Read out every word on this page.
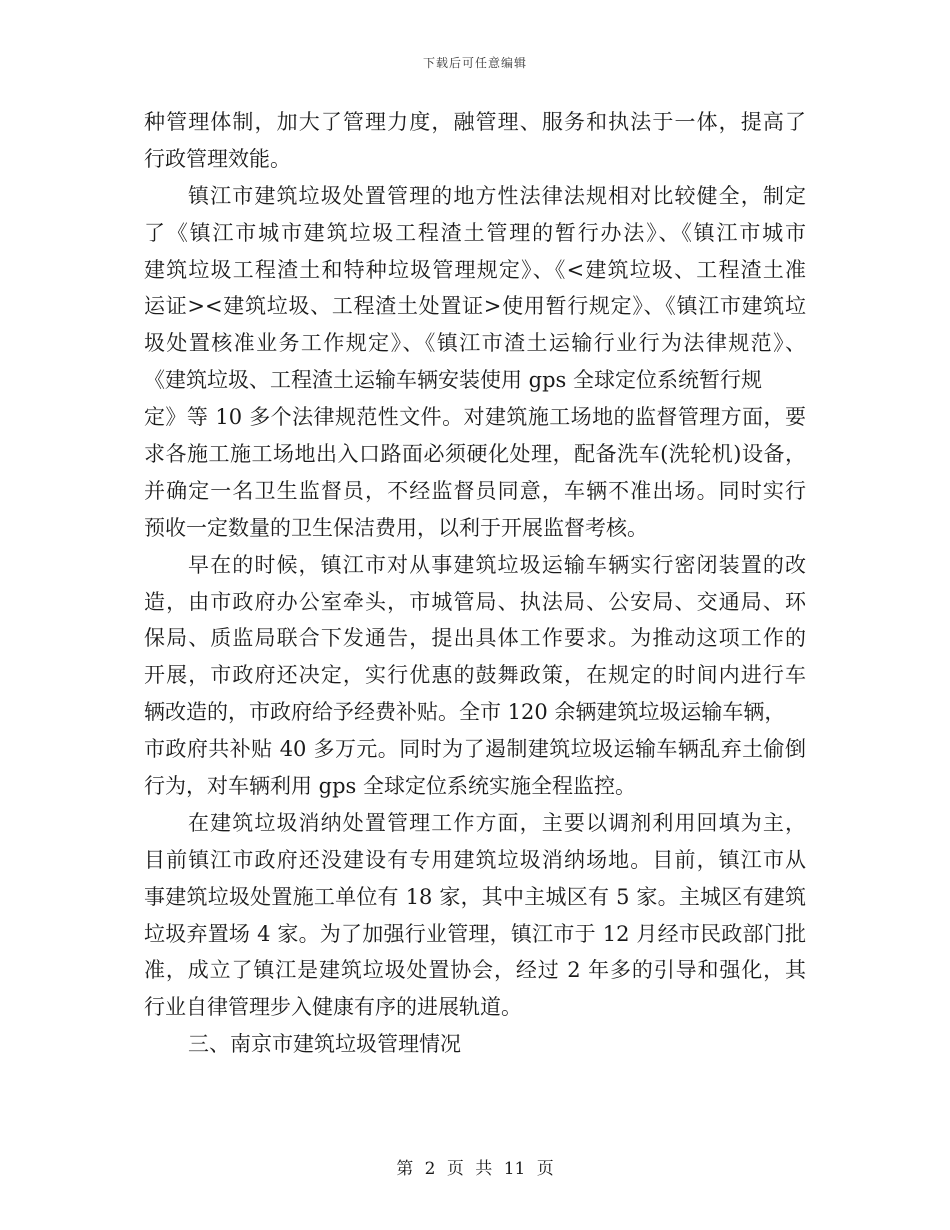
下载后可任意编辑
种管理体制，加大了管理力度，融管理、服务和执法于一体，提高了
行政管理效能。
镇江市建筑垃圾处置管理的地方性法律法规相对比较健全，制定
了《镇江市城市建筑垃圾工程渣土管理的暂行办法》、《镇江市城市
建筑垃圾工程渣土和特种垃圾管理规定》、《<建筑垃圾、工程渣土准
运证><建筑垃圾、工程渣土处置证>使用暂行规定》、《镇江市建筑垃
圾处置核准业务工作规定》、《镇江市渣土运输行业行为法律规范》、
《建筑垃圾、工程渣土运输车辆安装使用 gps 全球定位系统暂行规
定》等 10 多个法律规范性文件。对建筑施工场地的监督管理方面，要
求各施工施工场地出入口路面必须硬化处理，配备洗车(洗轮机)设备，
并确定一名卫生监督员，不经监督员同意，车辆不准出场。同时实行
预收一定数量的卫生保洁费用，以利于开展监督考核。
早在的时候，镇江市对从事建筑垃圾运输车辆实行密闭装置的改
造，由市政府办公室牵头，市城管局、执法局、公安局、交通局、环
保局、质监局联合下发通告，提出具体工作要求。为推动这项工作的
开展，市政府还决定，实行优惠的鼓舞政策，在规定的时间内进行车
辆改造的，市政府给予经费补贴。全市 120 余辆建筑垃圾运输车辆，
市政府共补贴 40 多万元。同时为了遏制建筑垃圾运输车辆乱弃土偷倒
行为，对车辆利用 gps 全球定位系统实施全程监控。
在建筑垃圾消纳处置管理工作方面，主要以调剂利用回填为主，
目前镇江市政府还没建设有专用建筑垃圾消纳场地。目前，镇江市从
事建筑垃圾处置施工单位有 18 家，其中主城区有 5 家。主城区有建筑
垃圾弃置场 4 家。为了加强行业管理，镇江市于 12 月经市民政部门批
准，成立了镇江是建筑垃圾处置协会，经过 2 年多的引导和强化，其
行业自律管理步入健康有序的进展轨道。
三、南京市建筑垃圾管理情况
第 2 页 共 11 页
